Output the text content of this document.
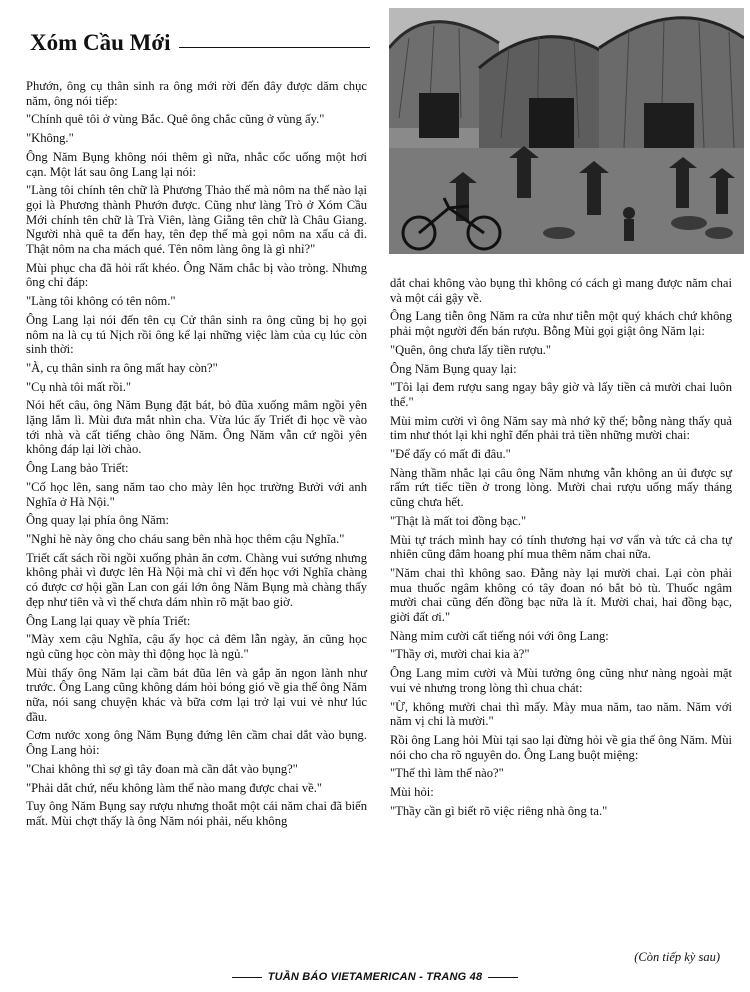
Xóm Cầu Mới

Phướn, ông cụ thân sinh ra ông mới rời đến đây được dăm chục năm, ông nói tiếp:

"Chính quê tôi ở vùng Bắc. Quê ông chắc cũng ở vùng ấy."

"Không."

Ông Năm Bụng không nói thêm gì nữa, nhắc cốc uống một hơi cạn. Một lát sau ông Lang lại nói:

"Làng tôi chính tên chữ là Phương Thảo thế mà nôm na thế nào lại gọi là Phương thành Phướn được. Cũng như làng Trò ở Xóm Cầu Mới chính tên chữ là Trà Viên, làng Giằng tên chữ là Châu Giang. Người nhà quê ta đến hay, tên đẹp thế mà gọi nôm na xấu cả đi. Thật nôm na cha mách qué. Tên nôm làng ông là gì nhỉ?"

Mùi phục cha đã hỏi rất khéo. Ông Năm chắc bị vào tròng. Nhưng ông chỉ đáp:

"Làng tôi không có tên nôm."

Ông Lang lại nói đến tên cụ Cử thân sinh ra ông cũng bị họ gọi nôm na là cụ tú Nịch rồi ông kể lại những việc làm của cụ lúc còn sinh thời:

"À, cụ thân sinh ra ông mất hay còn?"

"Cụ nhà tôi mất rồi."

Nói hết câu, ông Năm Bụng đặt bát, bỏ đũa xuống mâm ngồi yên lặng lắm lì. Mùi đưa mắt nhìn cha. Vừa lúc ấy Triết đi học về vào tới nhà và cất tiếng chào ông Năm. Ông Năm vẫn cứ ngồi yên không đáp lại lời chào.

Ông Lang bảo Triết:

"Cố học lên, sang năm tao cho mày lên học trường Bưởi với anh Nghĩa ở Hà Nội."

Ông quay lại phía ông Năm:

"Nghỉ hè này ông cho cháu sang bên nhà học thêm cậu Nghĩa."

Triết cất sách rồi ngồi xuống phản ăn cơm. Chàng vui sướng nhưng không phải vì được lên Hà Nội mà chỉ vì đến học với Nghĩa chàng có được cơ hội gần Lan con gái lớn ông Năm Bụng mà chàng thấy đẹp như tiên và vì thế chưa dám nhìn rõ mặt bao giờ.

Ông Lang lại quay về phía Triết:

"Mày xem cậu Nghĩa, cậu ấy học cả đêm lẫn ngày, ăn cũng học ngủ cũng học còn mày thì động học là ngủ."

Mùi thấy ông Năm lại cầm bát đũa lên và gắp ăn ngon lành như trước. Ông Lang cũng không dám hỏi bóng gió về gia thế ông Năm nữa, nói sang chuyện khác và bữa cơm lại trở lại vui vẻ như lúc đầu.

Cơm nước xong ông Năm Bụng đứng lên cầm chai dắt vào bụng. Ông Lang hỏi:

"Chai không thì sợ gì tây đoan mà cần dắt vào bụng?"

"Phải dắt chứ, nếu không làm thế nào mang được chai về."

Tuy ông Năm Bụng say rượu nhưng thoắt một cái năm chai đã biến mất. Mùi chợt thấy là ông Năm nói phải, nếu không

dắt chai không vào bụng thì không có cách gì mang được năm chai và một cái gậy về.

Ông Lang tiễn ông Năm ra cửa như tiễn một quý khách chứ không phải một người đến bán rượu. Bỗng Mùi gọi giật ông Năm lại:

"Quên, ông chưa lấy tiền rượu."

Ông Năm Bụng quay lại:

"Tôi lại đem rượu sang ngay bây giờ và lấy tiền cả mười chai luôn thể."

Mùi mỉm cười vì ông Năm say mà nhớ kỹ thế; bỗng nàng thấy quả tim như thót lại khi nghĩ đến phải trả tiền những mười chai:

"Để đấy có mất đi đâu."

Nàng thầm nhắc lại câu ông Năm nhưng vẫn không an ủi được sự rấm rứt tiếc tiền ở trong lòng. Mười chai rượu uống mấy tháng cũng chưa hết.

"Thật là mất toi đồng bạc."

Mùi tự trách mình hay có tính thương hại vơ vẩn và tức cả cha tự nhiên cũng đâm hoang phí mua thêm năm chai nữa.

"Năm chai thì không sao. Đằng này lại mười chai. Lại còn phải mua thuốc ngâm không có tây đoan nó bắt bỏ tù. Thuốc ngâm mười chai cũng đến đồng bạc nữa là ít. Mười chai, hai đồng bạc, giời đất ơi."

Nàng mỉm cười cất tiếng nói với ông Lang:

"Thầy ơi, mười chai kia à?"

Ông Lang mỉm cười và Mùi tưởng ông cũng như nàng ngoài mặt vui vẻ nhưng trong lòng thì chua chát:

"Ừ, không mười chai thì mấy. Mày mua năm, tao năm. Năm với năm vị chi là mười."

Rồi ông Lang hỏi Mùi tại sao lại đừng hỏi về gia thế ông Năm. Mùi nói cho cha rõ nguyên do. Ông Lang buột miệng:

"Thế thì làm thế nào?"

Mùi hỏi:

"Thầy cần gì biết rõ việc riêng nhà ông ta."

(Còn tiếp kỳ sau)
TUẦN BÁO VIETAMERICAN - TRANG 48
